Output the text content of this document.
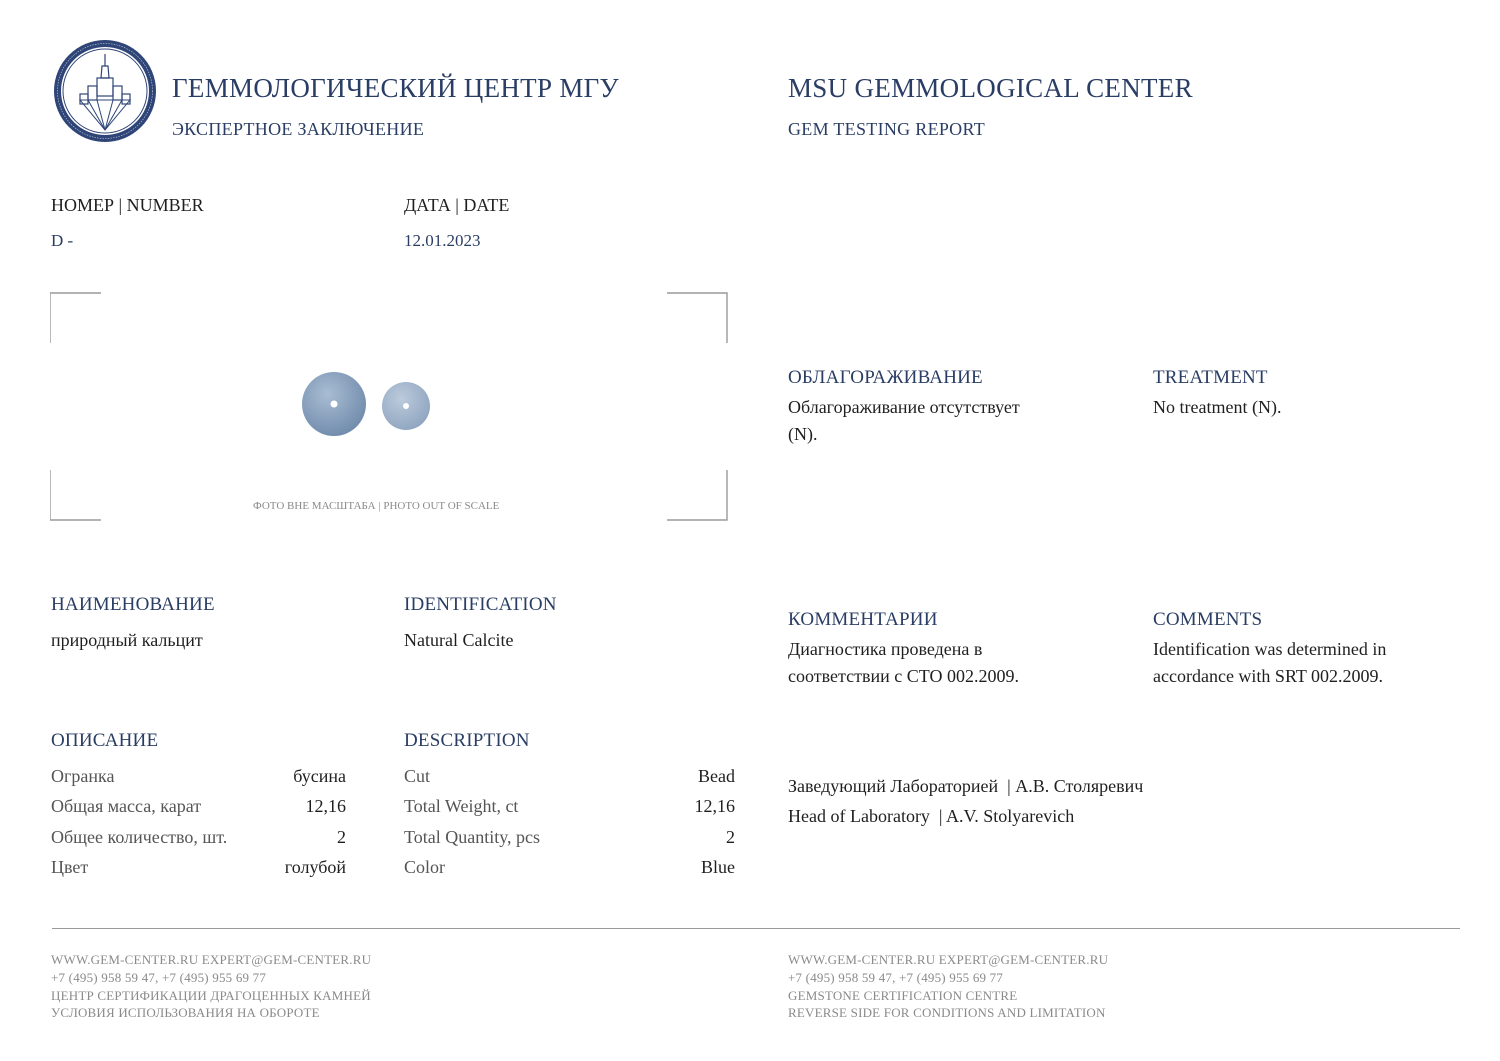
ГЕММОЛОГИЧЕСКИЙ ЦЕНТР МГУ
ЭКСПЕРТНОЕ ЗАКЛЮЧЕНИЕ
MSU GEMMOLOGICAL CENTER
GEM TESTING REPORT
НОМЕР | NUMBER
D -
ДАТА | DATE
12.01.2023
ФОТО ВНЕ МАСШТАБА | PHOTO OUT OF SCALE
НАИМЕНОВАНИЕ
природный кальцит
IDENTIFICATION
Natural Calcite
ОПИСАНИЕ	DESCRIPTION
Огранка	бусина
Общая масса, карат	12,16
Общее количество, шт.	2
Цвет	голубой
Cut	Bead
Total Weight, ct	12,16
Total Quantity, pcs	2
Color	Blue
ОБЛАГОРАЖИВАНИЕ
Облагораживание отсутствует
(N).
TREATMENT
No treatment (N).
КОММЕНТАРИИ
Диагностика проведена в
соответствии с СТО 002.2009.
COMMENTS
Identification was determined in
accordance with SRT 002.2009.
Заведующий Лабораторией  | А.В. Столяревич
Head of Laboratory  | A.V. Stolyarevich
WWW.GEM-CENTER.RU EXPERT@GEM-CENTER.RU
+7 (495) 958 59 47, +7 (495) 955 69 77
ЦЕНТР СЕРТИФИКАЦИИ ДРАГОЦЕННЫХ КАМНЕЙ
УСЛОВИЯ ИСПОЛЬЗОВАНИЯ НА ОБОРОТЕ
WWW.GEM-CENTER.RU EXPERT@GEM-CENTER.RU
+7 (495) 958 59 47, +7 (495) 955 69 77
GEMSTONE CERTIFICATION CENTRE
REVERSE SIDE FOR CONDITIONS AND LIMITATION
